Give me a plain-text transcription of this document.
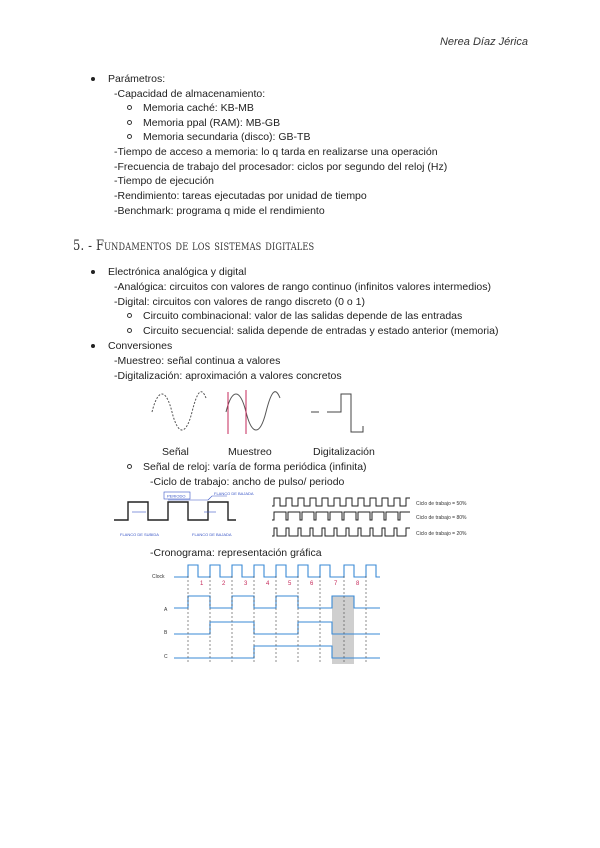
Nerea Díaz Jérica
Parámetros:
-Capacidad de almacenamiento:
Memoria caché: KB-MB
Memoria ppal (RAM): MB-GB
Memoria secundaria (disco): GB-TB
-Tiempo de acceso a memoria: lo q tarda en realizarse una operación
-Frecuencia de trabajo del procesador: ciclos por segundo del reloj (Hz)
-Tiempo de ejecución
-Rendimiento: tareas ejecutadas por unidad de tiempo
-Benchmark: programa q mide el rendimiento
5. - Fundamentos de los sistemas digitales
Electrónica analógica y digital
-Analógica: circuitos con valores de rango continuo (infinitos valores intermedios)
-Digital: circuitos con valores de rango discreto (0 o 1)
Circuito combinacional: valor de las salidas depende de las entradas
Circuito secuencial: salida depende de entradas y estado anterior (memoria)
Conversiones
-Muestreo: señal continua a valores
-Digitalización: aproximación a valores concretos
Señal	Muestreo	Digitalización
Señal de reloj: varía de forma periódica (infinita)
-Ciclo de trabajo: ancho de pulso/ periodo
PERIODO	FLANCO DE BAJADA
FLANCO DE SUBIDA	FLANCO DE BAJADA
Ciclo de trabajo = 50%
Ciclo de trabajo = 80%
Ciclo de trabajo = 20%
-Cronograma: representación gráfica
Clock
A
B
C
1	2	3	4	5	6	7	8
